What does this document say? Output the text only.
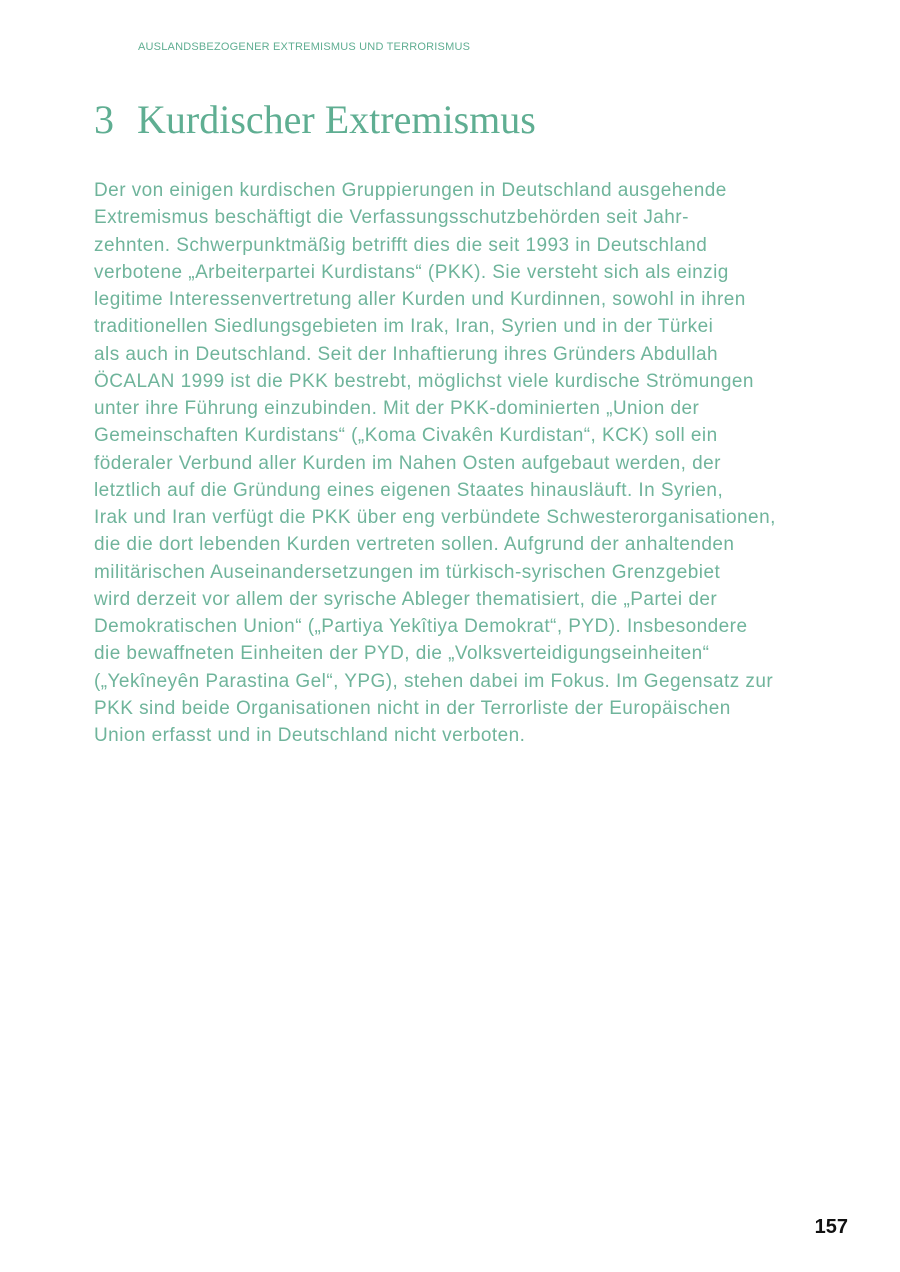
AUSLANDSBEZOGENER EXTREMISMUS UND TERRORISMUS
3 Kurdischer Extremismus

Der von einigen kurdischen Gruppierungen in Deutschland ausgehende
Extremismus beschäftigt die Verfassungsschutzbehörden seit Jahr-
zehnten. Schwerpunktmäßig betrifft dies die seit 1993 in Deutschland
verbotene „Arbeiterpartei Kurdistans“ (PKK). Sie versteht sich als einzig
legitime Interessenvertretung aller Kurden und Kurdinnen, sowohl in ihren
traditionellen Siedlungsgebieten im Irak, Iran, Syrien und in der Türkei
als auch in Deutschland. Seit der Inhaftierung ihres Gründers Abdullah
ÖCALAN 1999 ist die PKK bestrebt, möglichst viele kurdische Strömungen
unter ihre Führung einzubinden. Mit der PKK-dominierten „Union der
Gemeinschaften Kurdistans“ („Koma Civakên Kurdistan“, KCK) soll ein
föderaler Verbund aller Kurden im Nahen Osten aufgebaut werden, der
letztlich auf die Gründung eines eigenen Staates hinausläuft. In Syrien,
Irak und Iran verfügt die PKK über eng verbündete Schwesterorganisationen,
die die dort lebenden Kurden vertreten sollen. Aufgrund der anhaltenden
militärischen Auseinandersetzungen im türkisch-syrischen Grenzgebiet
wird derzeit vor allem der syrische Ableger thematisiert, die „Partei der
Demokratischen Union“ („Partiya Yekîtiya Demokrat“, PYD). Insbesondere
die bewaffneten Einheiten der PYD, die „Volksverteidigungseinheiten“
(„Yekîneyên Parastina Gel“, YPG), stehen dabei im Fokus. Im Gegensatz zur
PKK sind beide Organisationen nicht in der Terrorliste der Europäischen
Union erfasst und in Deutschland nicht verboten.

157
